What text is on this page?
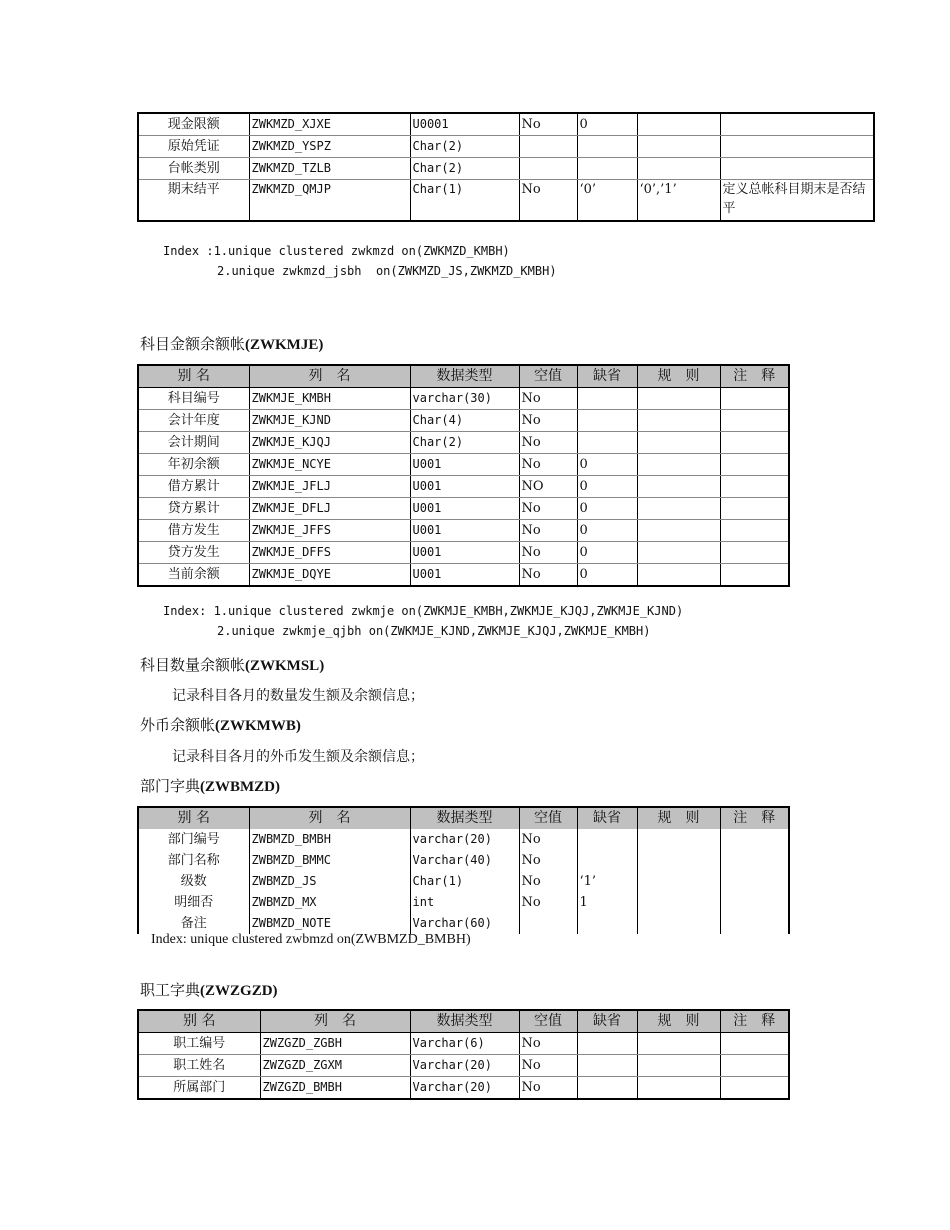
现金限额	ZWKMZD_XJXE	U0001	No	0		
原始凭证	ZWKMZD_YSPZ	Char(2)				
台帐类别	ZWKMZD_TZLB	Char(2)				
期末结平	ZWKMZD_QMJP	Char(1)	No	‘0’	‘0’,’1’	定义总帐科目期末是否结平
Index :1.unique clustered zwkmzd on(ZWKMZD_KMBH)
2.unique zwkmzd_jsbh  on(ZWKMZD_JS,ZWKMZD_KMBH)
科目金额余额帐(ZWKMJE)
别 名	列　名	数据类型	空值	缺省	规　则	注　释
科目编号	ZWKMJE_KMBH	varchar(30)	No			
会计年度	ZWKMJE_KJND	Char(4)	No			
会计期间	ZWKMJE_KJQJ	Char(2)	No			
年初余额	ZWKMJE_NCYE	U001	No	0		
借方累计	ZWKMJE_JFLJ	U001	NO	0		
贷方累计	ZWKMJE_DFLJ	U001	No	0		
借方发生	ZWKMJE_JFFS	U001	No	0		
贷方发生	ZWKMJE_DFFS	U001	No	0		
当前余额	ZWKMJE_DQYE	U001	No	0		
Index: 1.unique clustered zwkmje on(ZWKMJE_KMBH,ZWKMJE_KJQJ,ZWKMJE_KJND)
2.unique zwkmje_qjbh on(ZWKMJE_KJND,ZWKMJE_KJQJ,ZWKMJE_KMBH)
科目数量余额帐(ZWKMSL)
记录科目各月的数量发生额及余额信息；
外币余额帐(ZWKMWB)
记录科目各月的外币发生额及余额信息；
部门字典(ZWBMZD)
别 名	列　名	数据类型	空值	缺省	规　则	注　释
部门编号	ZWBMZD_BMBH	varchar(20)	No			
部门名称	ZWBMZD_BMMC	Varchar(40)	No			
级数	ZWBMZD_JS	Char(1)	No	‘1’		
明细否	ZWBMZD_MX	int	No	1		
备注	ZWBMZD_NOTE	Varchar(60)				
Index: unique clustered zwbmzd on(ZWBMZD_BMBH)
职工字典(ZWZGZD)
别 名	列　名	数据类型	空值	缺省	规　则	注　释
职工编号	ZWZGZD_ZGBH	Varchar(6)	No			
职工姓名	ZWZGZD_ZGXM	Varchar(20)	No			
所属部门	ZWZGZD_BMBH	Varchar(20)	No			
